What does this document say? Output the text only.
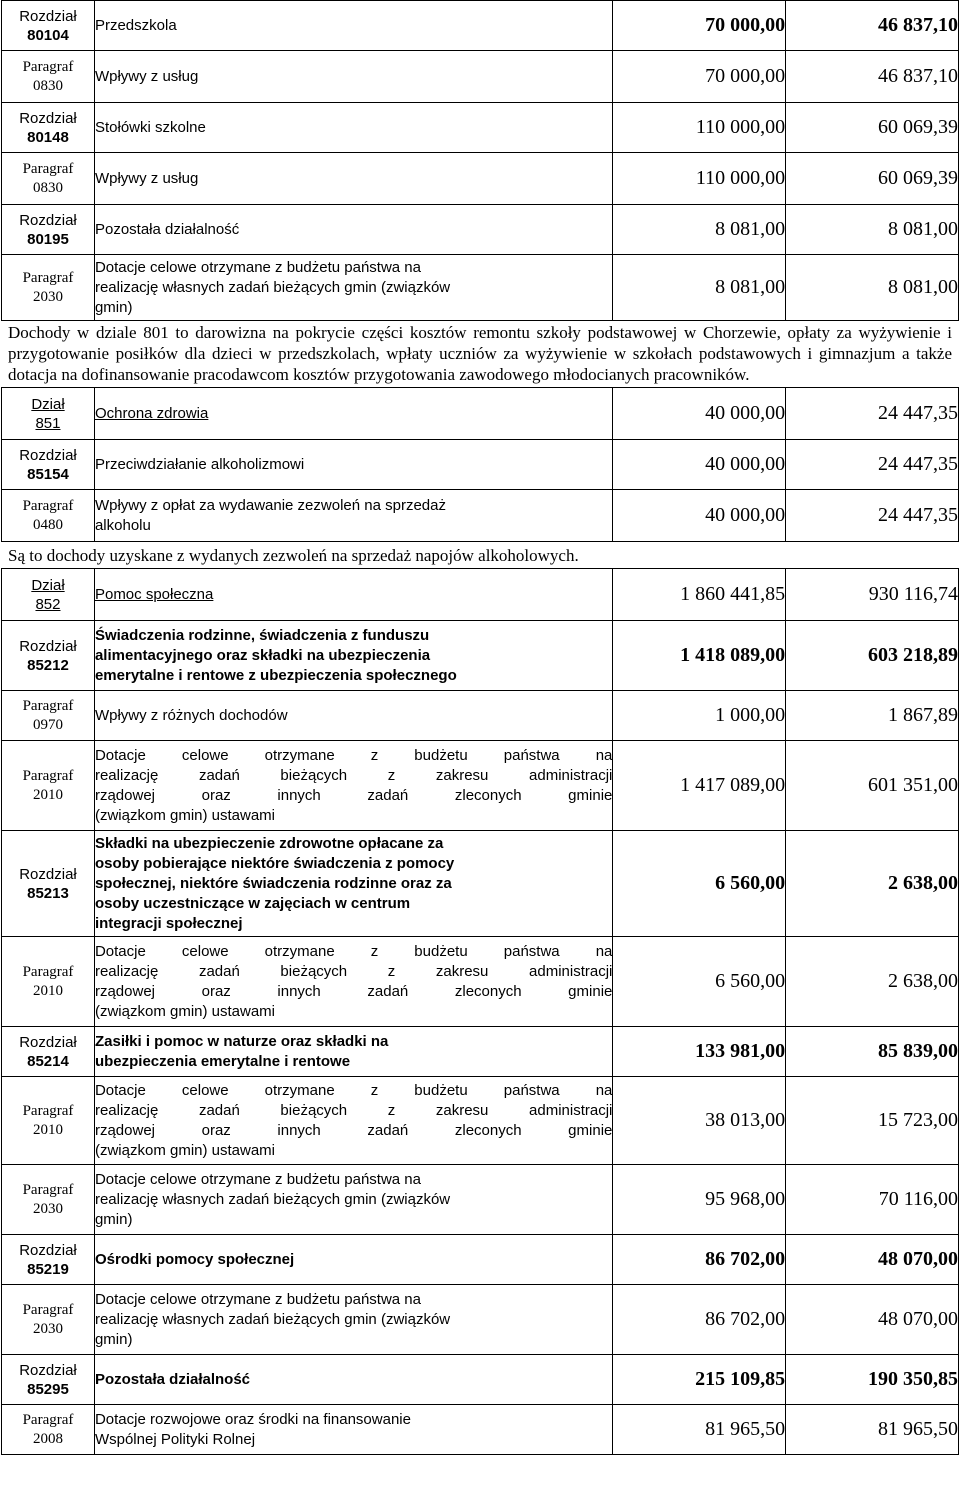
Rozdział
80104	Przedszkola	70 000,00	46 837,10

Paragraf
0830	Wpływy z usług	70 000,00	46 837,10

Rozdział
80148	Stołówki szkolne	110 000,00	60 069,39

Paragraf
0830	Wpływy z usług	110 000,00	60 069,39

Rozdział
80195	Pozostała działalność	8 081,00	8 081,00

Paragraf
2030	Dotacje celowe otrzymane z budżetu państwa na
realizację własnych zadań bieżących gmin (związków
gmin)	8 081,00	8 081,00
Dochody w dziale 801 to darowizna na pokrycie części kosztów remontu szkoły podstawowej w Chorzewie, opłaty za wyżywienie i przygotowanie posiłków dla dzieci w przedszkolach, wpłaty uczniów za wyżywienie w szkołach podstawowych i gimnazjum a także dotacja na dofinansowanie pracodawcom kosztów przygotowania zawodowego młodocianych pracowników.
Dział
851	Ochrona zdrowia	40 000,00	24 447,35

Rozdział
85154	Przeciwdziałanie alkoholizmowi	40 000,00	24 447,35

Paragraf
0480	Wpływy z opłat za wydawanie zezwoleń na sprzedaż
alkoholu	40 000,00	24 447,35
Są to dochody uzyskane z wydanych zezwoleń na sprzedaż napojów alkoholowych.
Dział
852	Pomoc społeczna	1 860 441,85	930 116,74

Rozdział
85212	Świadczenia rodzinne, świadczenia z funduszu
alimentacyjnego oraz składki na ubezpieczenia
emerytalne i rentowe z ubezpieczenia społecznego	1 418 089,00	603 218,89

Paragraf
0970	Wpływy z różnych dochodów	1 000,00	1 867,89

Paragraf
2010	Dotacje celowe otrzymane z budżetu państwa na
realizację zadań bieżących z zakresu administracji
rządowej oraz innych zadań zleconych gminie
(związkom gmin) ustawami	1 417 089,00	601 351,00

Rozdział
85213	Składki na ubezpieczenie zdrowotne opłacane za
osoby pobierające niektóre świadczenia z pomocy
społecznej, niektóre świadczenia rodzinne oraz za
osoby uczestniczące w zajęciach w centrum
integracji społecznej	6 560,00	2 638,00

Paragraf
2010	Dotacje celowe otrzymane z budżetu państwa na
realizację zadań bieżących z zakresu administracji
rządowej oraz innych zadań zleconych gminie
(związkom gmin) ustawami	6 560,00	2 638,00

Rozdział
85214	Zasiłki i pomoc w naturze oraz składki na
ubezpieczenia emerytalne i rentowe	133 981,00	85 839,00

Paragraf
2010	Dotacje celowe otrzymane z budżetu państwa na
realizację zadań bieżących z zakresu administracji
rządowej oraz innych zadań zleconych gminie
(związkom gmin) ustawami	38 013,00	15 723,00

Paragraf
2030	Dotacje celowe otrzymane z budżetu państwa na
realizację własnych zadań bieżących gmin (związków
gmin)	95 968,00	70 116,00

Rozdział
85219	Ośrodki pomocy społecznej	86 702,00	48 070,00

Paragraf
2030	Dotacje celowe otrzymane z budżetu państwa na
realizację własnych zadań bieżących gmin (związków
gmin)	86 702,00	48 070,00

Rozdział
85295	Pozostała działalność	215 109,85	190 350,85

Paragraf
2008	Dotacje rozwojowe oraz środki na finansowanie
Wspólnej Polityki Rolnej	81 965,50	81 965,50
